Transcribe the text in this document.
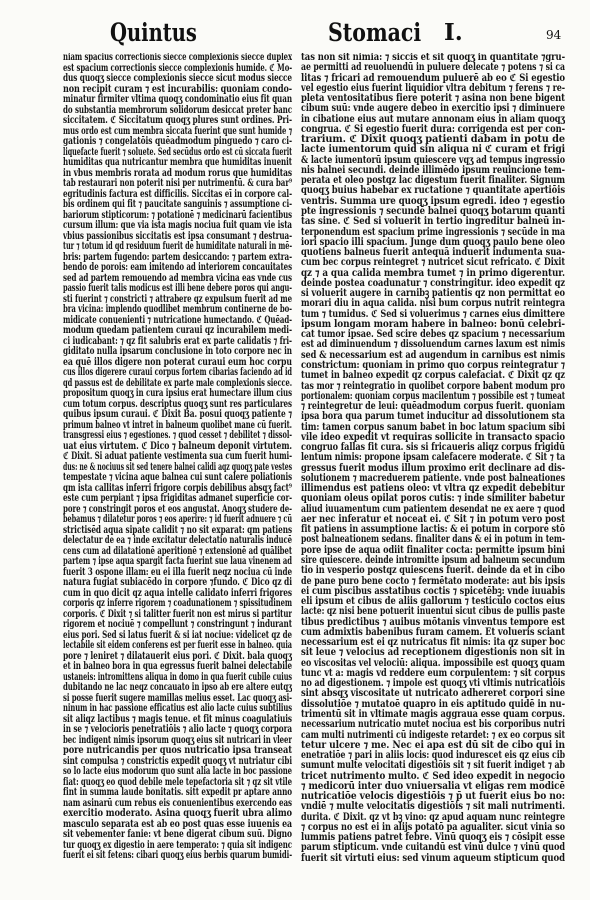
Quintus	Stomaci I.	94
niam spacius correctionis siecce complexionis siecce duplex
est spacium correctionis siecce complexionis humide. ℭ Mo-
dus quoqʒ siecce complexionis siecce sicut modus siecce
non recipit curam ⁊ est incurabilis: quoniam condo-
minatur firmiter vltima quoqʒ condominatio eius fit quan
do substantia membrorum solidorum desiccat preter banc
siccitatem. ℭ Siccitatum quoqʒ plures sunt ordines. Pri-
mus ordo est cum membra siccata fuerint que sunt humide ⁊
gationis ⁊ congelatōis quēadmodum pinguedo ⁊ caro ci-
liquefacte fuerit ⁊ soluete. Sed secūdus ordo est cū siccata fuerit
humiditas qua nutricantur membra que humiditas inuenit
in vbus membris rorata ad modum rorus que humiditas
tab restaurari non poterit nisi per nutrimentū. & cura bar⁹
egritudinis factura est difficilis. Siccitas eī in corpore cal-
bis ordinem qui fit ⁊ paucitate sanguinis ⁊ assumptione ci-
bariorum stipticorum: ⁊ potationē ⁊ medicinarū facientibus
cursum illum: que via ista magis nociua fuit quam vie ista
vbius passionibus siccitatis est ipsa consumant ⁊ destrua-
tur ⁊ totum id qd residuum fuerit de humiditate naturali in mē-
bris: partem fugendo: partem desiccando: ⁊ partem extra-
bendo de porois: eam imitendo ad interiorem concauitates
sed ad partem remouendo ad membra vicina eas vnde cus
passio fuerit talis modicus est illi bene debere poros qui angu-
sti fuerint ⁊ constricti ⁊ attrabere qz expulsum fuerit ad me
bra vicina: implendo quodlibet membrum continerne de bo-
midicate conuenienti ⁊ nutricatione humectando. ℭ Quēad-
modum quedam patientem curaui qz incurabilem medi-
ci iudicabant: ⁊ qz fit salubris erat ex parte calidatis ⁊ fri-
giditato nulla ipsarum conclusione in toto corpore nec in
ea quē illos digere non poterat curaui eum hoc corpu
cus illos digerere curaui corpus fortem cibarias faciendo ad id
qd passus est de debilitate ex parte male complexionis siecce.
propositum quoqʒ in cura ipsius erat humectare illum cius
cum totum corpus. descriptus quoqʒ sunt res particulares
quibus ipsum curaui. ℭ Dixit Ba. posui quoqʒ patiente ⁊
primum balneo vt intret in balneum quolibet mane cū fuerit.
transgressi eius ⁊ egestiones. ⁊ quod cesset ⁊ debilitet ⁊ dissol-
uat eius virtutem. ℭ Dico ⁊ balneum deponit virtutem.
ℭ Dixit. Si aduat patiente vestimenta sua cum fuerit humi-
dus: ne & nociuus sit sed tenere balnei calidi aqz quoqʒ pate vestes
tempestate ⁊ vicina aque balnea cui sunt calere poliationis
qm ista callitas inferri frigore corpis debilibus absqʒ fact⁹
este cum perpiant ⁊ ipsa frigiditas admanet superficie cor-
pore ⁊ constringit poros et eos angustat. Anoqʒ studere de-
bebamus ⁊ dilatetur poros ⁊ eos aperire: ⁊ id fuerit adnuere ⁊ cū
strictisēd aqua sipate calidit ⁊ no sit exparat: qm patiens
delectatur de ea ⁊ inde excitatur delectatio naturalis inducē
cens cum ad dilatationē aperitionē ⁊ extensionē ad quālibet
partem ⁊ ipse aqua spargit facta fuerint sue laua vinenem ad
fuerit 3 ospone illam: eu ei illa fuerit neqz nociua cū inde
natura fugiat subiacēdo in corpore ⁊fundo. ℭ Dico qz di
cum in quo dicit qz aqua intelle calidato inferri frigores
corporis qz inferre rigorem ⁊ coadunationem ⁊ spissitudinem
corporis. ℭ Dixit ⁊ si talitter fuerit non est mirus si partitur
rigorem et nociuē ⁊ compellunt ⁊ constringunt ⁊ indurant
eius pori. Sed si latus fuerit & si iat nociue: videlicet qz de
lectabile sit eidem conferens est per fuerit esse in balneo. quia
pore ⁊ leniret ⁊ dilatauerit eius pori. ℭ Dixit. bala quoqʒ
et in balneo bora in qua egressus fuerit balnei delectabile
ustaneis: intromittens aliqua in domo in qua fuerit cubile cuius
dubitando ne lac neqz concauato in ipso ab ere altere eutqʒ
si posse fuerit sugere mamillas melius esset. Lac quoqʒ asi-
ninum in hac passione efficatius est alio lacte cuius subtilius
sit aliqz lactibus ⁊ magis tenue. et fit minus coagulatiuis
in se ⁊ velocioris penetratiōis ⁊ alio lacte ⁊ quoqʒ corpora
bec indigent nimis ipsorum quoqʒ eius sit nutricari in vleer
pore nutricandis per quos nutricatio ipsa transeat
sint compulsa ⁊ constrictis expedit quoqʒ vt nutriatur cibi
so lo lacte eius modorum quo sunt alia lacte in boc passione
fiat: quoqʒ eo quod debile mele tepefactoria sit ⁊ qz sit vtile
fint in summa laude bonitatis. sitt expedit pr aptare anno
nam asinarū cum rebus eis conuenientibus exercendo eas
exercitio moderato. Asina quoqʒ fuerit ubra alimo
masculo separata est ab eo post quas esse iuuenis ea
sit vebementer fanie: vt bene digerat cibum suū. Digno
tur quoqʒ ex digestio in aere temperato: ⁊ quia sit indigenc
fuerit ei sit fetens: cibari quoqʒ eius berbis quarum bumidi-
tas non sit nimia: ⁊ siccis et sit quoqʒ in quantitate ⁊gru-
ae permitti ad reuoluendū in puluere delecate ⁊ potens ⁊ si ca
litas ⁊ fricari ad remouendum puluerē ab eo ℭ Si egestio
vel egestio eius fuerint liquidior vltra debitum ⁊ ferens ⁊ re-
pleta ventositatibus fiere poterit ⁊ asina non bene bigent
cibum suū: vnde augere debeo in exercitio ipsi ⁊ diminuere
in cibatione eius aut mutare annonam eius in aliam quoqʒ
congrua. ℭ Si egestio fuerit dura: corrigenda est per con-
trarium. ℭ Dixit quoqʒ patienti dabam in potu de
lacte iumentorum quid sin aliqua ni ℭ curam et frigi
& lacte iumentorū ipsum quiescere vqʒ ad tempus ingressio
nis balnei secundi. deinde illimēdo ipsum reuincione tem-
perata et oleo postqz lac digestum fuerit finaliter. Signum
quoqʒ buius habebar ex ructatione ⁊ quantitate apertiōis
ventris. Summa ure quoqʒ ipsum egredi. ideo ⁊ egestio
pte ingressionis ⁊ secundē balnei quoqʒ botarum quanti
tas sine. ℭ Sed si voluerit in tertio ingreditur balneū in-
terponendum est spacium prime ingressionis ⁊ secūde in ma
iori spacio illi spacium. Junge dum quoqʒ paulo bene oleo
quotiens balneus fuerit antequā induerit indumenta sua-
cum bec corpus reintegret ⁊ nutricet sicut refricato. ℭ Dixit
qz ⁊ a qua calida membra tumet ⁊ in primo digerentur.
deinde postea coadunatur ⁊ constringitur. ideo expedit qz
si voluerit augere in carnibꝫ patientis qz non permittat eo
morari diu in aqua calida. nisi bum corpus nutrit reintegra
tum ⁊ tumidus. ℭ Sed si voluerimus ⁊ carnes eius dimittere
ipsum longam moram habere in balneo: bonū celebri-
cat tumor ipsae. Sed scire debes qz spacium ⁊ necessarium
est ad diminuendum ⁊ dissoluendum carnes laxum est nimis
sed & necessarium est ad augendum in carnibus est nimis
constrictum: quoniam in primo quo corpus reintegratur ⁊
tumet in balneo expedit qz corpus calefaciat. ℭ Dixit qz qz
tas mor ⁊ reintegratio in quolibet corpore babent modum pro
portionalem: quoniam corpus macilentum ⁊ possibile est ⁊ tumeat
⁊ reintegretur de leui: quēadmodum corpus fuerit. quoniam
ipsa bora qua parum tumet inducitur ad dissolutionem sta
tim: tamen corpus sanum babet in boc latum spacium sibi
vile ideo expedit vt requiras sollicite in transacto spacio
congruo fallas fit cura. sis si fricaueris aliqz corpus frigidū
lentum nimis: propone ipsam calefacere moderate. ℭ Sit ⁊ ta
gressus fuerit modus illum proximo erit declinare ad dis-
solutionem ⁊ macreduerem patiente. vnde post balneationes
illimendus est patiens oleo: vt vltra qz expedit debebitur
quoniam oleus opilat poros cutis: ⁊ inde similiter babetur
aliud iuuamentum cum patientem desendat ne ex aere ⁊ quod
aer nec inferatur et noceat ei. ℭ Sit ⁊ in potum vero post
fit patiens in assumptione lactis: & ei potum in corpore stō
post balneationem sedans. finaliter dans & ei in potum in tem-
pore ipse de aqua odiit finaliter cocta: permitte ipsum bini
sire quiescere. deinde intromitte ipsum ad balneum secundum
tio in vesperio postqz quiescens fuerit. deinde da et in cibo
de pane puro bene cocto ⁊ fermētato moderate: aut bis ipsis
ei cum piscibus asstatibus coctis ⁊ spicetēbꝫ: vnde iuuabis
eli ipsum et cibus de aliis gallorum ⁊ testiculo coctos eius
lacte: qz nisi bene potuerit inuentui sicut cibus de pullis paste
tibus predictibus ⁊ auibus mōtanis vinventus tempore est
cum admixtis babenibus furam camem. Et volueris sciant
necessarium est ei qz nutricatus fit nimis: ita qz super boc
sit leue ⁊ velocius ad receptionem digestionis non sit in
eo viscositas vel velociū: aliqua. impossibile est quoqʒ quam
tunc vt a: magis vd reddere eum corpulentem: ⁊ sit corpus
no ad digestionem. ⁊ impole est quoqʒ vti vltimis nutricatiōis
sint absqʒ viscositate ut nutricato adhereret corpori sine
dissolutiōe ⁊ mutatoē quapro in eis aptitudo quidē in nu-
trimentū sit in vltimate magis aggraua esse quam corpus.
necessarium nutricatio mutet nociua est bis corporibus nutri
cam multi nutrimenti cū indigeste retardet: ⁊ ex eo corpus sit
tetur ulcere ⁊ me. Nec ei apa est dū sit de cibo qui in
enetratiōe ⁊ pari in aliis locis: quod indurescet eis qz eius cib
sumunt multe velocitati digestiōis sit ⁊ sit fuerit indiget ⁊ ab
tricet nutrimento multo. ℭ Sed ideo expedit in negocio
⁊ medicorū inter duo vniuersalia vt eligas rem modicē
nutricatiōe velocis digestiōis ⁊ p̄ ut fuerit eius bo no:
vndiē ⁊ multe velocitatis digestiōis ⁊ sit mali nutrimenti.
durita. ℭ Dixit. qz vt bꝫ vino: qz apud aquam nunc reintegre
⁊ corpus no est ei in alijs potatō pa agualiter. sicut vinia so
lummis patiens patret febre. Vinū quoqʒ eis ⁊ cōsipit esse
parum stipticum. vnde cuitandū est vinū dulce ⁊ vinū quod
fuerit sit virtuti eius: sed vinum aqueum stipticum quod
